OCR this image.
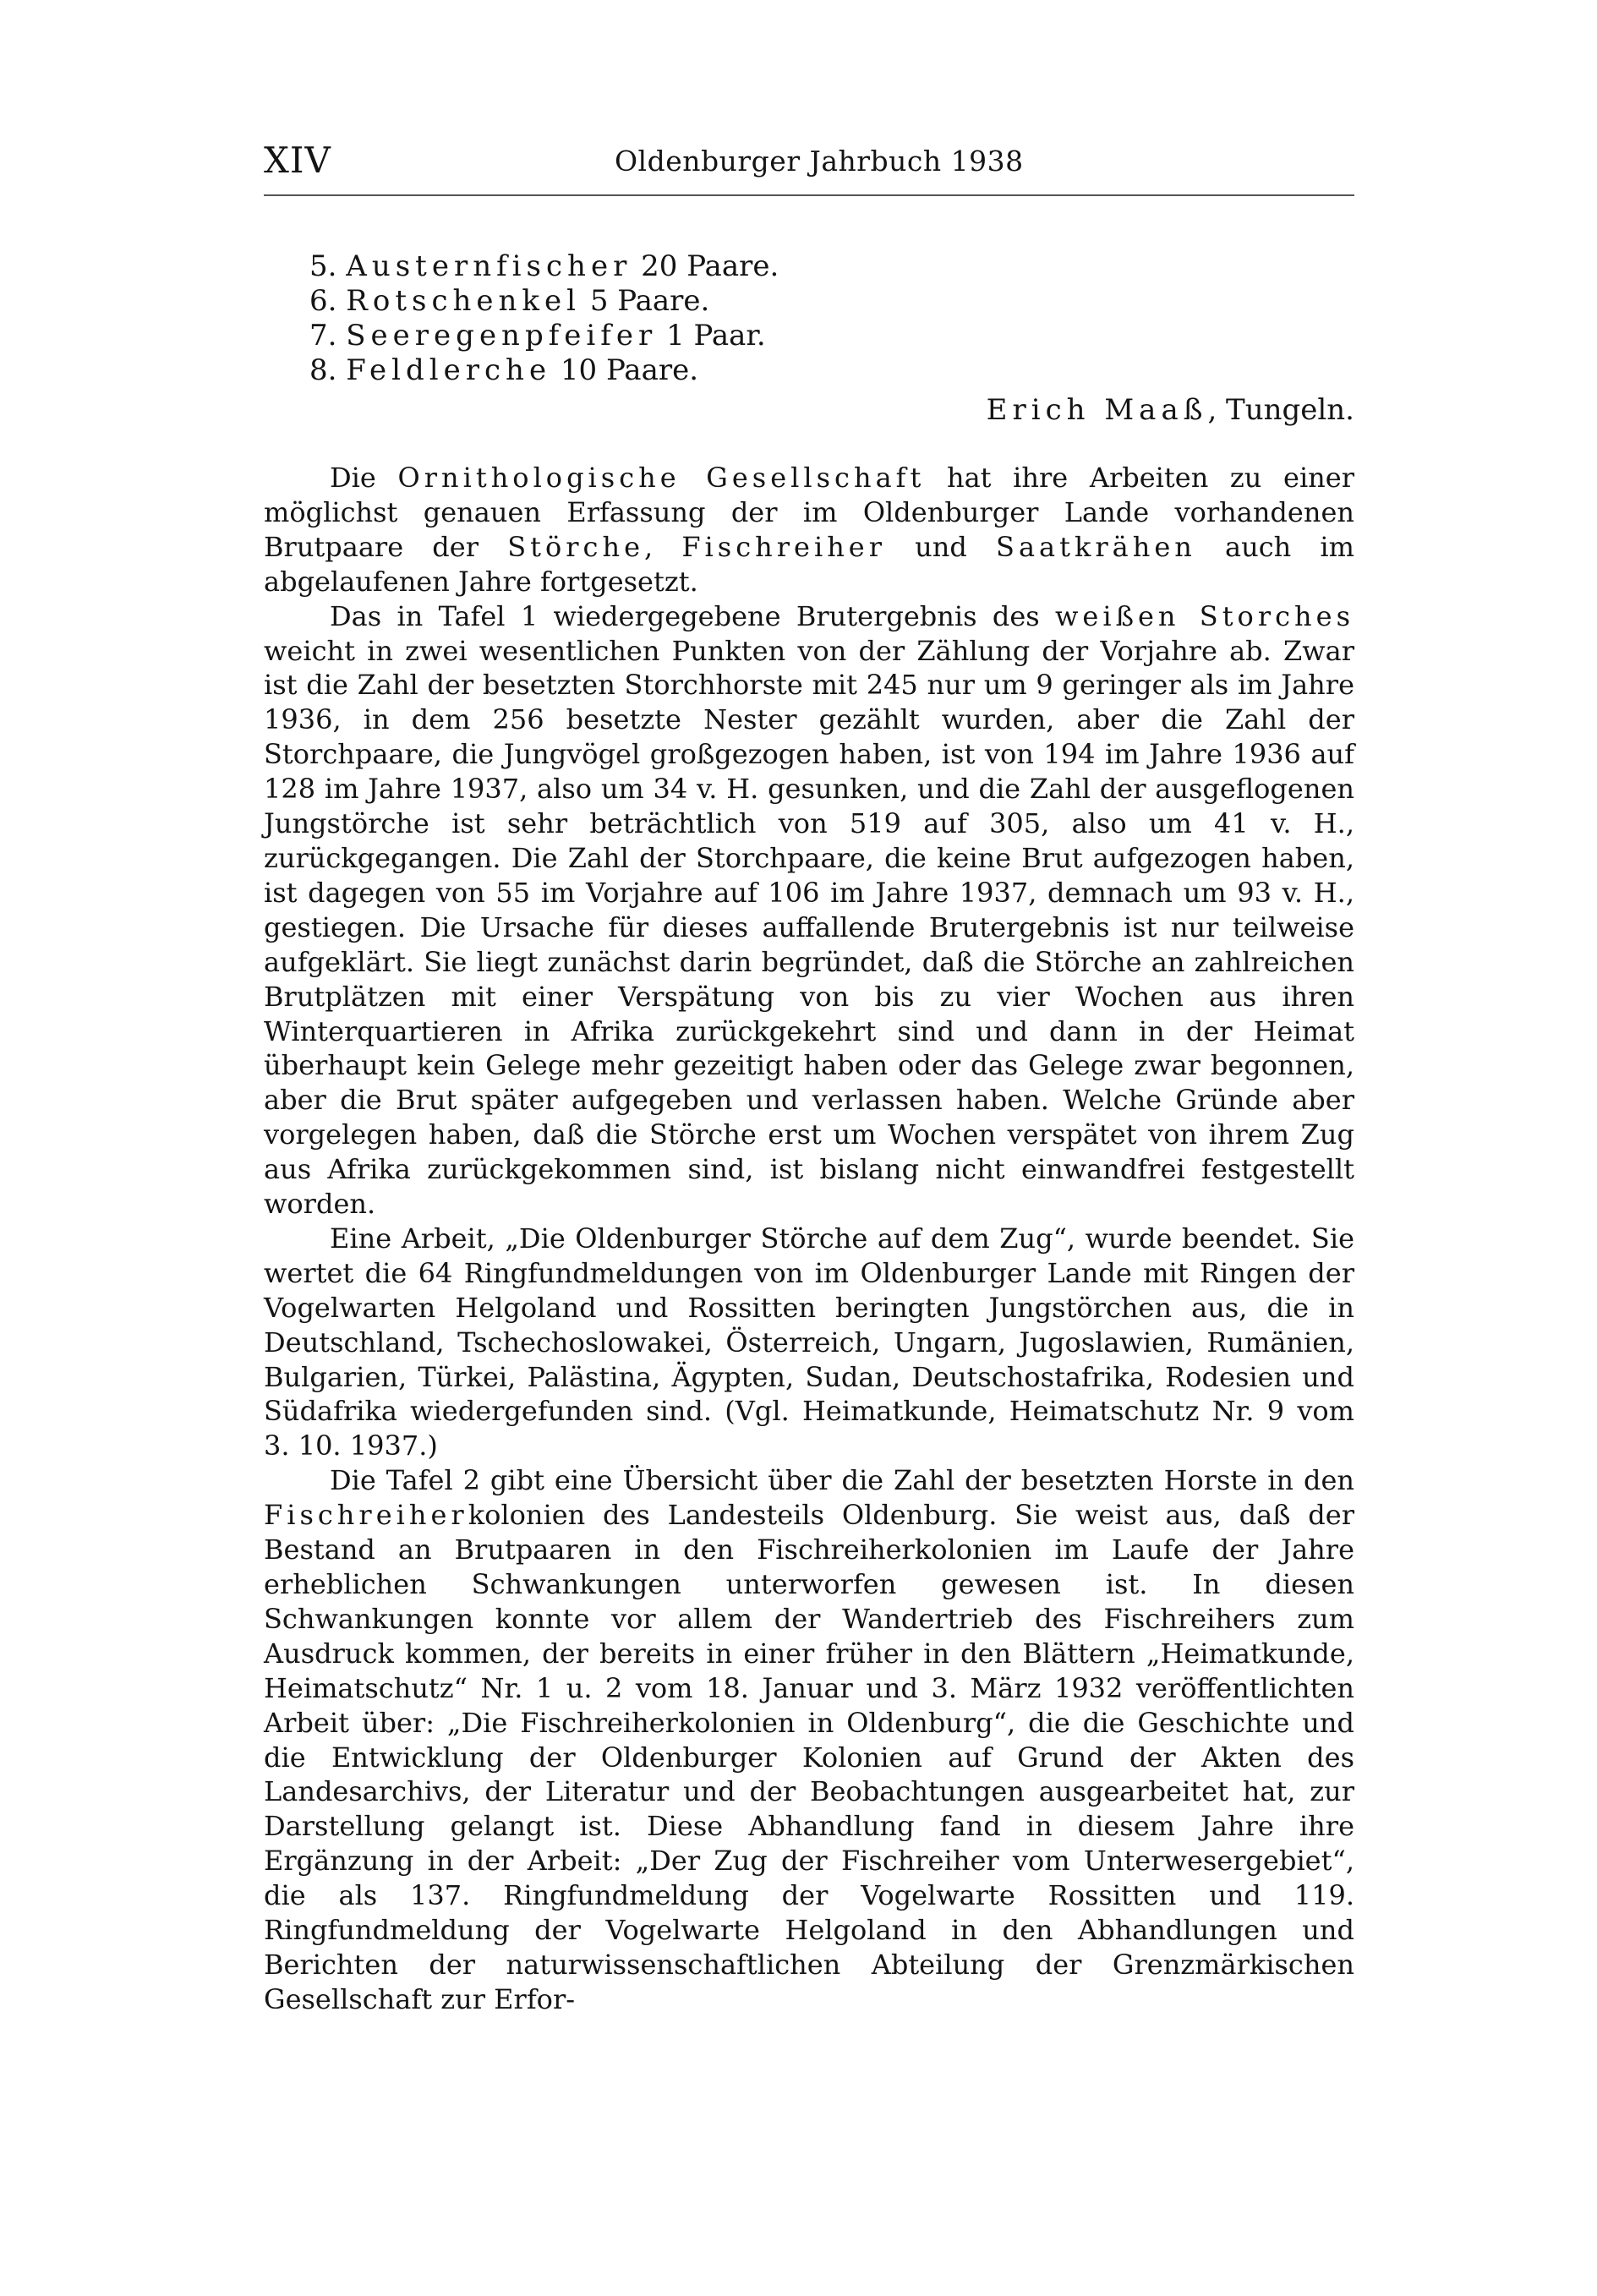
XIV	Oldenburger Jahrbuch 1938
5. Austernfischer 20 Paare.
6. Rotschenkel 5 Paare.
7. Seeregenpfeifer 1 Paar.
8. Feldlerche 10 Paare.
Erich Maaß, Tungeln.

Die Ornithologische Gesellschaft hat ihre Arbeiten zu einer möglichst genauen Erfassung der im Oldenburger Lande vorhandenen Brutpaare der Störche, Fischreiher und Saatkrähen auch im abgelaufenen Jahre fortgesetzt.

Das in Tafel 1 wiedergegebene Brutergebnis des weißen Storches weicht in zwei wesentlichen Punkten von der Zählung der Vorjahre ab. Zwar ist die Zahl der besetzten Storchhorste mit 245 nur um 9 geringer als im Jahre 1936, in dem 256 besetzte Nester gezählt wurden, aber die Zahl der Storchpaare, die Jungvögel großgezogen haben, ist von 194 im Jahre 1936 auf 128 im Jahre 1937, also um 34 v. H. gesunken, und die Zahl der ausgeflogenen Jungstörche ist sehr beträchtlich von 519 auf 305, also um 41 v. H., zurückgegangen. Die Zahl der Storchpaare, die keine Brut aufgezogen haben, ist dagegen von 55 im Vorjahre auf 106 im Jahre 1937, demnach um 93 v. H., gestiegen. Die Ursache für dieses auffallende Brutergebnis ist nur teilweise aufgeklärt. Sie liegt zunächst darin begründet, daß die Störche an zahlreichen Brutplätzen mit einer Verspätung von bis zu vier Wochen aus ihren Winterquartieren in Afrika zurückgekehrt sind und dann in der Heimat überhaupt kein Gelege mehr gezeitigt haben oder das Gelege zwar begonnen, aber die Brut später aufgegeben und verlassen haben. Welche Gründe aber vorgelegen haben, daß die Störche erst um Wochen verspätet von ihrem Zug aus Afrika zurückgekommen sind, ist bislang nicht einwandfrei festgestellt worden.

Eine Arbeit, „Die Oldenburger Störche auf dem Zug“, wurde beendet. Sie wertet die 64 Ringfundmeldungen von im Oldenburger Lande mit Ringen der Vogelwarten Helgoland und Rossitten beringten Jungstörchen aus, die in Deutschland, Tschechoslowakei, Österreich, Ungarn, Jugoslawien, Rumänien, Bulgarien, Türkei, Palästina, Ägypten, Sudan, Deutschostafrika, Rodesien und Südafrika wiedergefunden sind. (Vgl. Heimatkunde, Heimatschutz Nr. 9 vom 3. 10. 1937.)

Die Tafel 2 gibt eine Übersicht über die Zahl der besetzten Horste in den Fischreiherkolonien des Landesteils Oldenburg. Sie weist aus, daß der Bestand an Brutpaaren in den Fischreiherkolonien im Laufe der Jahre erheblichen Schwankungen unterworfen gewesen ist. In diesen Schwankungen konnte vor allem der Wandertrieb des Fischreihers zum Ausdruck kommen, der bereits in einer früher in den Blättern „Heimatkunde, Heimatschutz“ Nr. 1 u. 2 vom 18. Januar und 3. März 1932 veröffentlichten Arbeit über: „Die Fischreiherkolonien in Oldenburg“, die die Geschichte und die Entwicklung der Oldenburger Kolonien auf Grund der Akten des Landesarchivs, der Literatur und der Beobachtungen ausgearbeitet hat, zur Darstellung gelangt ist. Diese Abhandlung fand in diesem Jahre ihre Ergänzung in der Arbeit: „Der Zug der Fischreiher vom Unterwesergebiet“, die als 137. Ringfundmeldung der Vogelwarte Rossitten und 119. Ringfundmeldung der Vogelwarte Helgoland in den Abhandlungen und Berichten der naturwissenschaftlichen Abteilung der Grenzmärkischen Gesellschaft zur Erfor-
